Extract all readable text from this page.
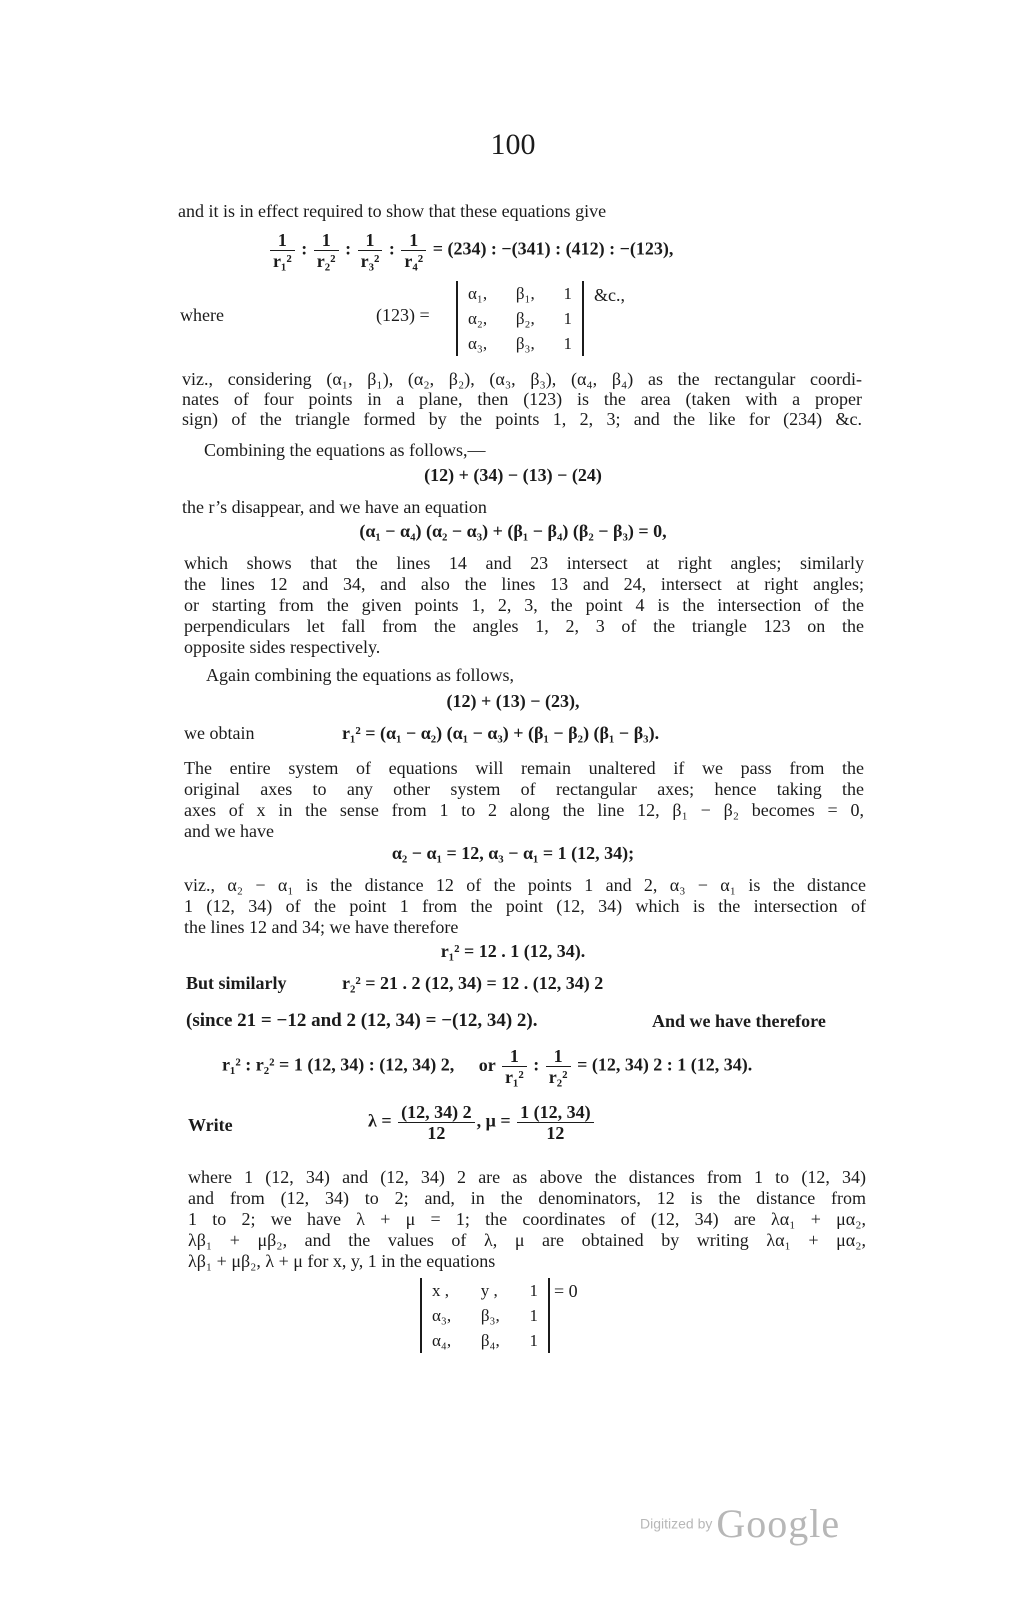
100
and it is in effect required to show that these equations give
$\frac{1}{\text{r₁²}}$ : $\frac{1}{\text{r₂²}}$ : $\frac{1}{\text{r₃²}}$ : $\frac{1}{\text{r₄²}} = (234)$ : −(341) : (412) : −(123),
where	(123) =
α₁, β₁, 1
α₂, β₂, 1
α₃, β₃, 1
&c.,
viz., considering (α₁, β₁), (α₂, β₂), (α₃, β₃), (α₄, β₄) as the rectangular coordi-
nates of four points in a plane, then (123) is the area (taken with a proper
sign) of the triangle formed by the points 1, 2, 3; and the like for (234) &c.
Combining the equations as follows,—
(12) + (34) − (13) − (24)
the r’s disappear, and we have an equation
(α₁ − α₄) (α₂ − α₃) + (β₁ − β₄) (β₂ − β₃) = 0,
which shows that the lines 14 and 23 intersect at right angles; similarly
the lines 12 and 34, and also the lines 13 and 24, intersect at right angles;
or starting from the given points 1, 2, 3, the point 4 is the intersection of the
perpendiculars let fall from the angles 1, 2, 3 of the triangle 123 on the
opposite sides respectively.
Again combining the equations as follows,
(12) + (13) − (23),
we obtain	r₁² = (α₁ − α₂) (α₁ − α₃) + (β₁ − β₂) (β₁ − β₃).
The entire system of equations will remain unaltered if we pass from the
original axes to any other system of rectangular axes; hence taking the
axes of x in the sense from 1 to 2 along the line 12, β₁ − β₂ becomes = 0,
and we have
α₂ − α₁ = 12, α₃ − α₁ = 1 (12, 34);
viz., α₂ − α₁ is the distance 12 of the points 1 and 2, α₃ − α₁ is the distance
1 (12, 34) of the point 1 from the point (12, 34) which is the intersection of
the lines 12 and 34; we have therefore
r₁² = 12 . 1 (12, 34).
But similarly	r₂² = 21 . 2 (12, 34) = 12 . (12, 34) 2
(since 21 = −12 and 2 (12, 34) = −(12, 34) 2).	And we have therefore
r₁² : r₂² = 1 (12, 34) : (12, 34) 2, or $\frac{1}{\text{r₁²}}$ : $\frac{1}{\text{r₂²}} = (12$, 34) 2 : 1 (12, 34).
Write	$\lambda = \frac{(12, 34) 2}{12}$ , $\mu = \frac{1 (12, 34)}{12}$
where 1 (12, 34) and (12, 34) 2 are as above the distances from 1 to (12, 34)
and from (12, 34) to 2; and, in the denominators, 12 is the distance from
1 to 2; we have λ + μ = 1; the coordinates of (12, 34) are λα₁ + μα₂,
λβ₁ + μβ₂, and the values of λ, μ are obtained by writing λα₁ + μα₂,
λβ₁ + μβ₂, λ + μ for x, y, 1 in the equations
x , y , 1
α₃, β₃, 1
α₄, β₄, 1
= 0
Digitized by Google
